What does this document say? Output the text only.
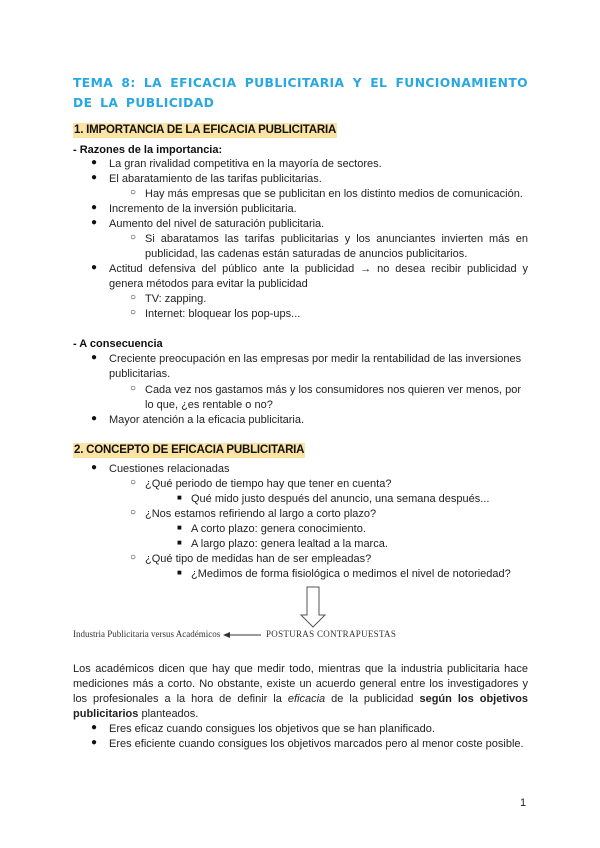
TEMA 8: LA EFICACIA PUBLICITARIA Y EL FUNCIONAMIENTO DE LA PUBLICIDAD
1. IMPORTANCIA DE LA EFICACIA PUBLICITARIA
- Razones de la importancia:
● La gran rivalidad competitiva en la mayoría de sectores.
● El abaratamiento de las tarifas publicitarias.
○ Hay más empresas que se publicitan en los distinto medios de comunicación.
● Incremento de la inversión publicitaria.
● Aumento del nivel de saturación publicitaria.
○ Si abaratamos las tarifas publicitarias y los anunciantes invierten más en publicidad, las cadenas están saturadas de anuncios publicitarios.
● Actitud defensiva del público ante la publicidad → no desea recibir publicidad y genera métodos para evitar la publicidad
○ TV: zapping.
○ Internet: bloquear los pop-ups...
- A consecuencia
● Creciente preocupación en las empresas por medir la rentabilidad de las inversiones publicitarias.
○ Cada vez nos gastamos más y los consumidores nos quieren ver menos, por lo que, ¿es rentable o no?
● Mayor atención a la eficacia publicitaria.
2. CONCEPTO DE EFICACIA PUBLICITARIA
● Cuestiones relacionadas
○ ¿Qué periodo de tiempo hay que tener en cuenta?
■ Qué mido justo después del anuncio, una semana después...
○ ¿Nos estamos refiriendo al largo a corto plazo?
■ A corto plazo: genera conocimiento.
■ A largo plazo: genera lealtad a la marca.
○ ¿Qué tipo de medidas han de ser empleadas?
■ ¿Medimos de forma fisiológica o medimos el nivel de notoriedad?
Industria Publicitaria versus Académicos	POSTURAS CONTRAPUESTAS
Los académicos dicen que hay que medir todo, mientras que la industria publicitaria hace mediciones más a corto. No obstante, existe un acuerdo general entre los investigadores y los profesionales a la hora de definir la eficacia de la publicidad según los objetivos publicitarios planteados.
● Eres eficaz cuando consigues los objetivos que se han planificado.
● Eres eficiente cuando consigues los objetivos marcados pero al menor coste posible.
1
